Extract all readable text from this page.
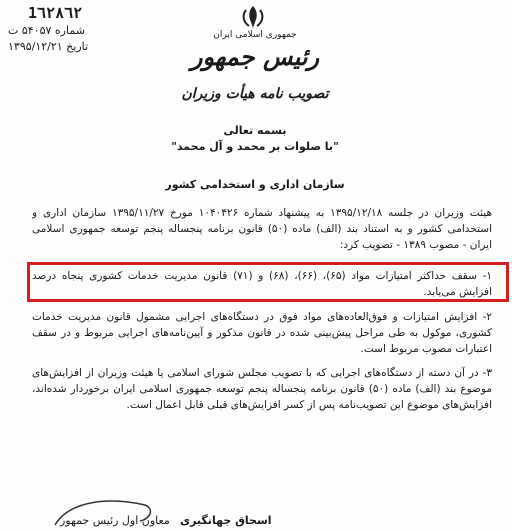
1٦٢٨٦٢
شماره ۵۴۰۵۷ ت
تاریخ ۱۳۹۵/۱۲/۲۱
جمهوری اسلامی ایران
رئیس جمهور
تصویب نامه هیأت وزیران
بسمه تعالی
"با صلوات بر محمد و آل محمد"
سازمان اداری و استخدامی کشور
هیئت وزیران در جلسه ۱۳۹۵/۱۲/۱۸ به پیشنهاد شماره ۱۰۴۰۴۲۶ مورخ ۱۳۹۵/۱۱/۲۷ سازمان اداری و استخدامی کشور و به استناد بند (الف) ماده (۵۰) قانون برنامه پنجساله پنجم توسعه جمهوری اسلامی ایران - مصوب ۱۳۸۹ - تصویب کرد:
۱- سقف حداکثر امتیازات مواد (۶۵)، (۶۶)، (۶۸) و (۷۱) قانون مدیریت خدمات کشوری پنجاه درصد افزایش می‌یابد.
۲- افزایش امتیازات و فوق‌العاده‌های مواد فوق در دستگاه‌های اجرایی مشمول قانون مدیریت خدمات کشوری، موکول به طی مراحل پیش‌بینی شده در قانون مذکور و آیین‌نامه‌های اجرایی مربوط و در سقف اعتبارات مصوب مربوط است.
۳- در آن دسته از دستگاه‌های اجرایی که با تصویب مجلس شورای اسلامی یا هیئت وزیران از افزایش‌های موضوع بند (الف) ماده (۵۰) قانون برنامه پنجساله پنجم توسعه جمهوری اسلامی ایران برخوردار شده‌اند، افزایش‌های موضوع این تصویب‌نامه پس از کسر افزایش‌های قبلی قابل اعمال است.
معاون اول رئیس جمهور اسحاق جهانگیری
